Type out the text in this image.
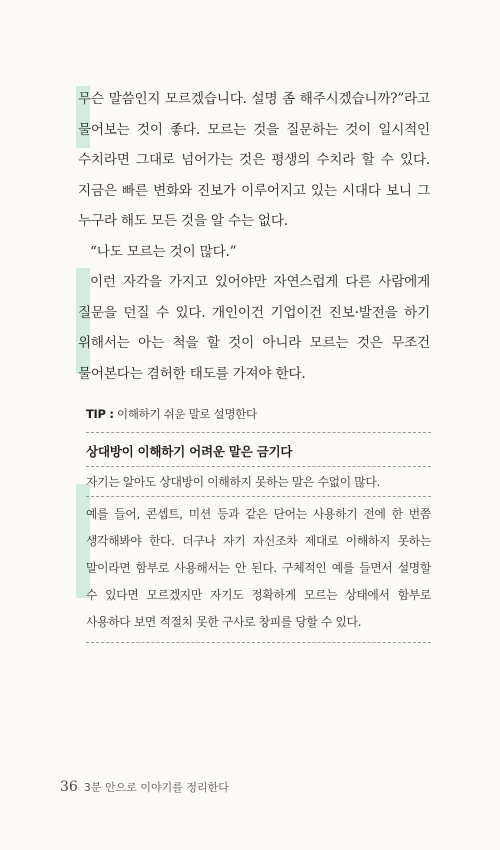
무슨 말씀인지 모르겠습니다. 설명 좀 해주시겠습니까?”라고 물어보는 것이 좋다. 모르는 것을 질문하는 것이 일시적인 수치라면 그대로 넘어가는 것은 평생의 수치라 할 수 있다. 지금은 빠른 변화와 진보가 이루어지고 있는 시대다 보니 그 누구라 해도 모든 것을 알 수는 없다.

“나도 모르는 것이 많다.”

이런 자각을 가지고 있어야만 자연스럽게 다른 사람에게 질문을 던질 수 있다. 개인이건 기업이건 진보·발전을 하기 위해서는 아는 척을 할 것이 아니라 모르는 것은 무조건 물어본다는 겸허한 태도를 가져야 한다.

TIP : 이해하기 쉬운 말로 설명한다
상대방이 이해하기 어려운 말은 금기다
자기는 알아도 상대방이 이해하지 못하는 말은 수없이 많다.
예를 들어, 콘셉트, 미션 등과 같은 단어는 사용하기 전에 한 번쯤 생각해봐야 한다. 더구나 자기 자신조차 제대로 이해하지 못하는 말이라면 함부로 사용해서는 안 된다. 구체적인 예를 들면서 설명할 수 있다면 모르겠지만 자기도 정확하게 모르는 상태에서 함부로 사용하다 보면 적절치 못한 구사로 창피를 당할 수 있다.
36 3분 안으로 이야기를 정리한다
